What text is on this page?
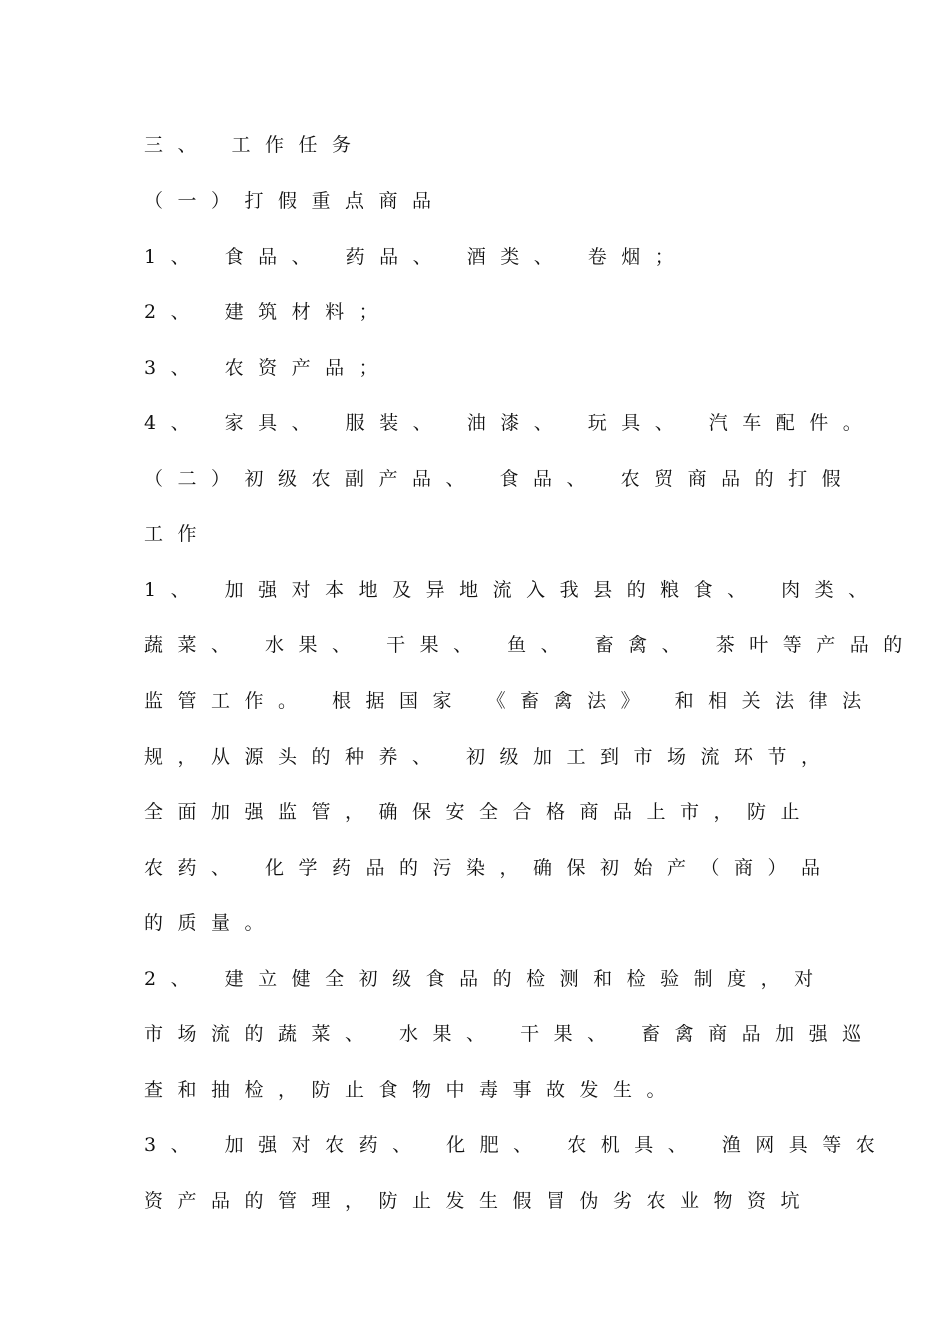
三、 工作任务
（一）打假重点商品

1、 食品、 药品、 酒类、 卷烟；

2、 建筑材料；

3、 农资产品；

4、 家具、 服装、 油漆、 玩具、 汽车配件。

（二）初级农副产品、 食品、 农贸商品的打假

工作

1、 加强对本地及异地流入我县的粮食、 肉类、

蔬菜、 水果、 干果、 鱼、 畜禽、 茶叶等产品的

监管工作。 根据国家 《畜禽法》 和相关法律法

规，从源头的种养、 初级加工到市场流环节，

全面加强监管，确保安全合格商品上市，防止

农药、 化学药品的污染，确保初始产（商）品

的质量。

2、 建立健全初级食品的检测和检验制度，对

市场流的蔬菜、 水果、 干果、 畜禽商品加强巡

查和抽检，防止食物中毒事故发生。

3、 加强对农药、 化肥、 农机具、 渔网具等农

资产品的管理，防止发生假冒伪劣农业物资坑
